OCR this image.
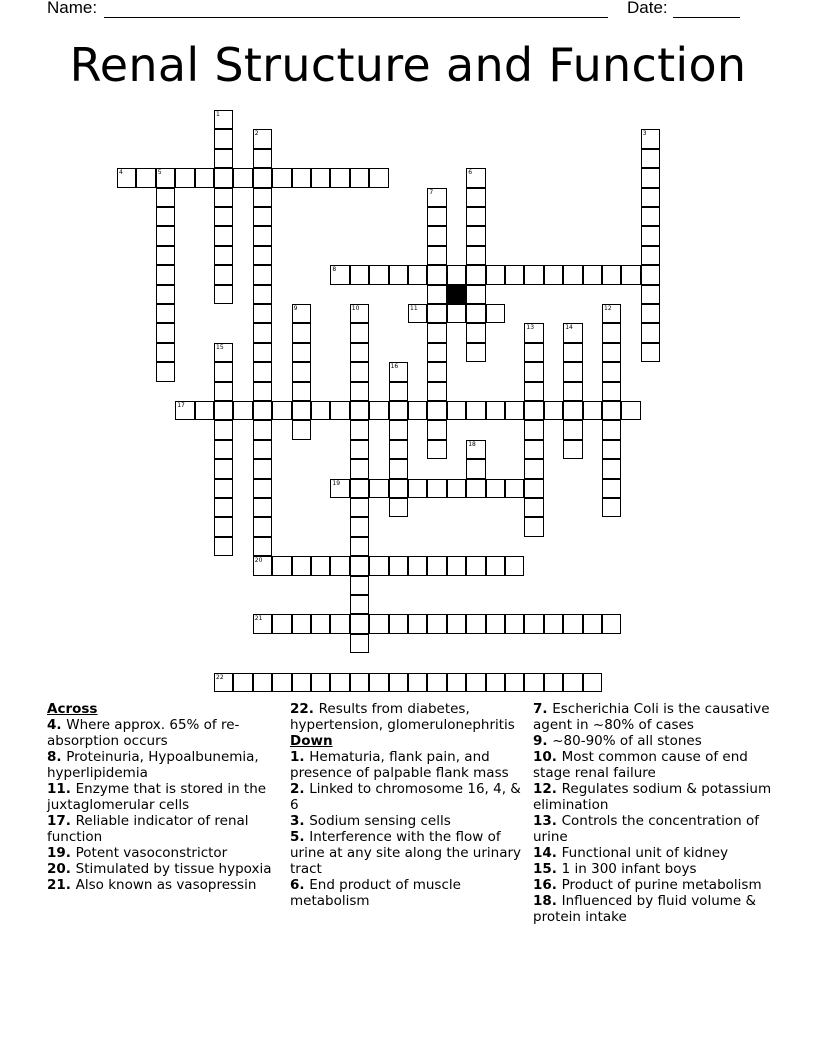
Name:	Date:
Renal Structure and Function
1
2	3
4	5	6
7
8
9	10	11	12
13	14
15
16
17
18
19
20
21
22
Across
4. Where approx. 65% of re-absorption occurs
8. Proteinuria, Hypoalbunemia, hyperlipidemia
11. Enzyme that is stored in the juxtaglomerular cells
17. Reliable indicator of renal function
19. Potent vasoconstrictor
20. Stimulated by tissue hypoxia
21. Also known as vasopressin
22. Results from diabetes, hypertension, glomerulonephritis
Down
1. Hematuria, flank pain, and presence of palpable flank mass
2. Linked to chromosome 16, 4, & 6
3. Sodium sensing cells
5. Interference with the flow of urine at any site along the urinary tract
6. End product of muscle metabolism
7. Escherichia Coli is the causative agent in ~80% of cases
9. ~80-90% of all stones
10. Most common cause of end stage renal failure
12. Regulates sodium & potassium elimination
13. Controls the concentration of urine
14. Functional unit of kidney
15. 1 in 300 infant boys
16. Product of purine metabolism
18. Influenced by fluid volume & protein intake
